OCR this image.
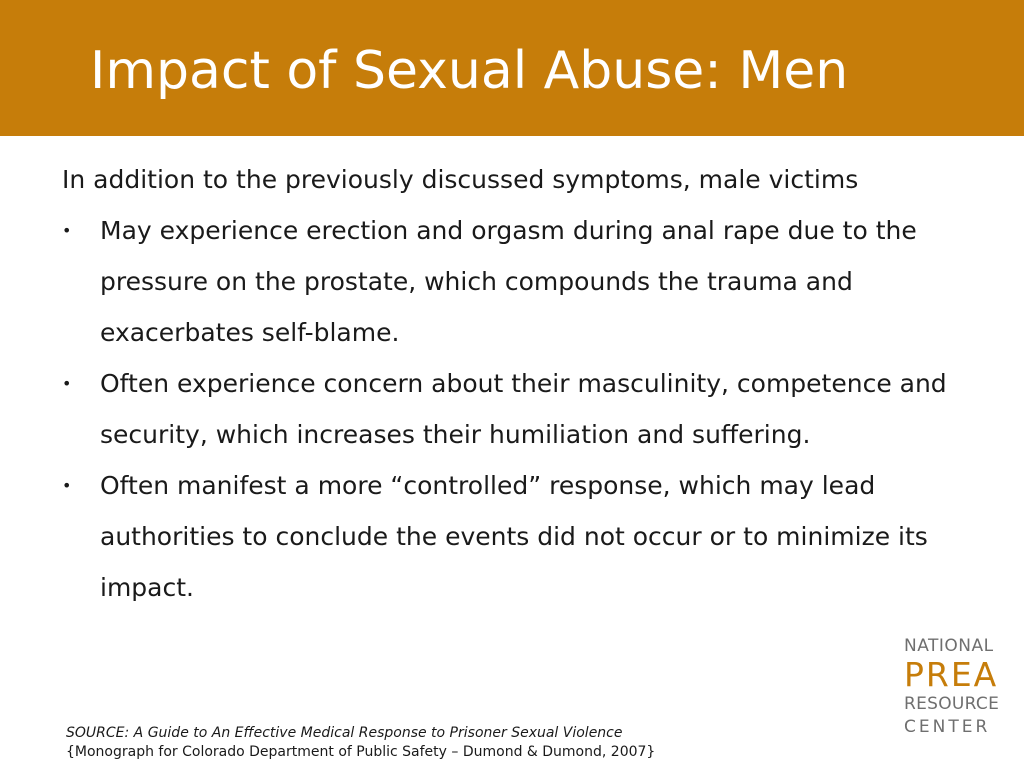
Impact of Sexual Abuse: Men

In addition to the previously discussed symptoms, male victims

• May experience erection and orgasm during anal rape due to the pressure on the prostate, which compounds the trauma and exacerbates self-blame.
• Often experience concern about their masculinity, competence and security, which increases their humiliation and suffering.
• Often manifest a more “controlled” response, which may lead authorities to conclude the events did not occur or to minimize its impact.
SOURCE: A Guide to An Effective Medical Response to Prisoner Sexual Violence
{Monograph for Colorado Department of Public Safety – Dumond & Dumond, 2007}
NATIONAL
PREA
RESOURCE
CENTER
